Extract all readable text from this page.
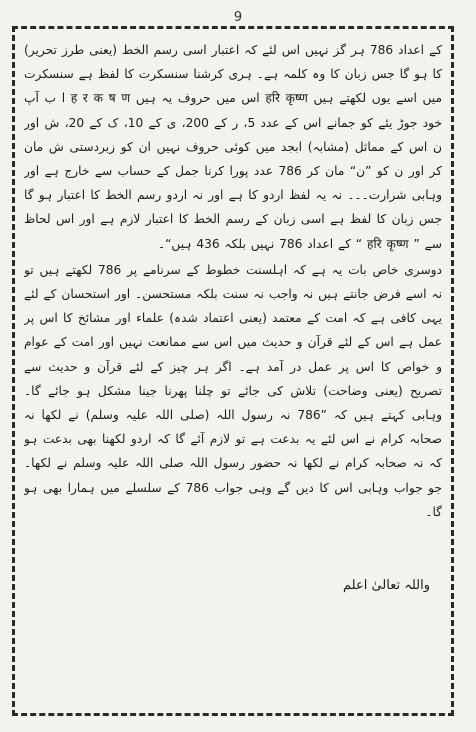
9

کے اعداد 786 ہر گز نہیں اس لئے کہ اعتبار اسی رسم الخط (یعنی طرز تحریر) کا ہو گا جس زبان کا وہ کلمہ ہے۔ ہری کرشنا سنسکرت کا لفظ ہے سنسکرت میں اسے یوں لکھتے ہیں हरि कृष्ण اس میں حروف یہ ہیں ह र क ष ण ا ب آپ خود جوڑ یئے کو جمانے اس کے عدد 5، ر کے 200، ی کے 10، ک کے 20، ش اور ن اس کے مماثل (مشابہ) ابجد میں کوئی حروف نہیں ان کو زبردستی ش مان کر اور ن کو ”ن“ مان کر 786 عدد پورا کرنا جمل کے حساب سے خارج ہے اور وہابی شرارت۔۔۔ نہ یہ لفظ اردو کا ہے اور نہ اردو رسم الخط کا اعتبار ہو گا جس زبان کا لفظ ہے اسی زبان کے رسم الخط کا اعتبار لازم ہے اور اس لحاظ سے ” हरि कृष्ण “ کے اعداد 786 نہیں بلکہ 436 ہیں“۔

دوسری خاص بات یہ ہے کہ اہلسنت خطوط کے سرنامے پر 786 لکھتے ہیں تو نہ اسے فرض جانتے ہیں نہ واجب نہ سنت بلکہ مستحسن۔ اور استحسان کے لئے یہی کافی ہے کہ امت کے معتمد (یعنی اعتماد شدہ) علماء اور مشائخ کا اس پر عمل ہے اس کے لئے قرآن و حدیث میں اس سے ممانعت نہیں اور امت کے عوام و خواص کا اس پر عمل در آمد ہے۔ اگر ہر چیز کے لئے قرآن و حدیث سے تصریح (یعنی وضاحت) تلاش کی جائے تو چلنا پھرنا جینا مشکل ہو جائے گا۔ وہابی کہتے ہیں کہ ”786 نہ رسول اللہ (صلی اللہ علیہ وسلم) نے لکھا نہ صحابہ کرام نے اس لئے یہ بدعت ہے تو لازم آئے گا کہ اردو لکھنا بھی بدعت ہو کہ نہ صحابہ کرام نے لکھا نہ حضور رسول اللہ صلی اللہ علیہ وسلم نے لکھا۔ جو جواب وہابی اس کا دیں گے وہی جواب 786 کے سلسلے میں ہمارا بھی ہو گا۔

واللہ تعالیٰ اعلم
